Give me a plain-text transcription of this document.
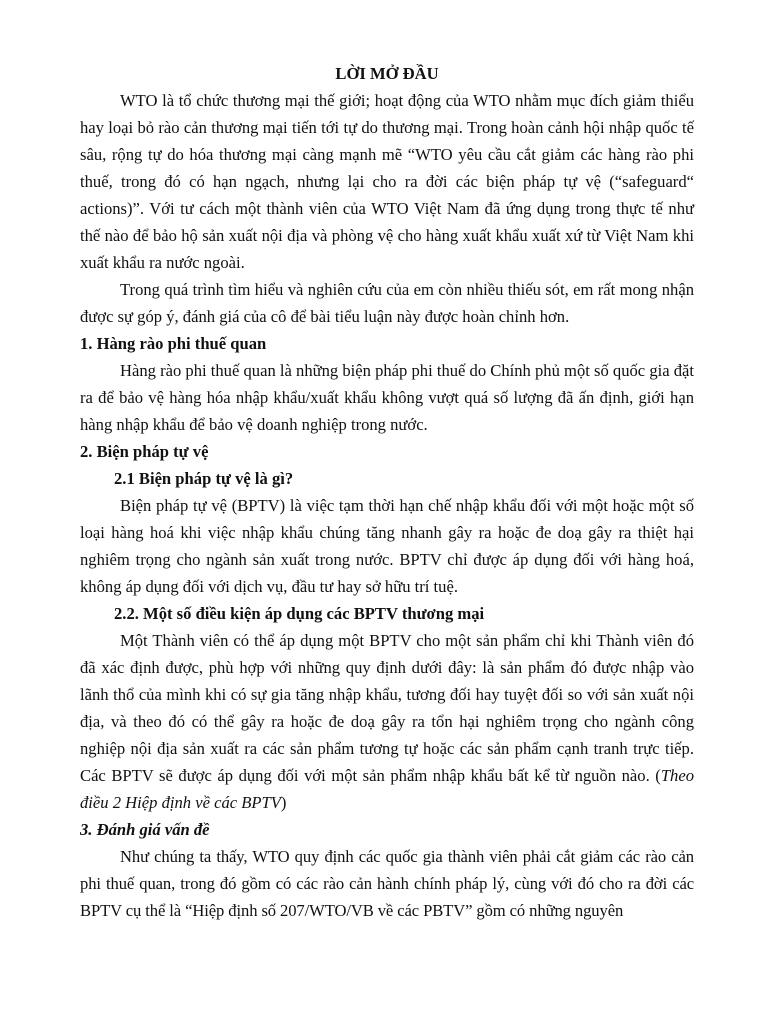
LỜI MỞ ĐẦU

WTO là tổ chức thương mại thế giới; hoạt động của WTO nhằm mục đích giảm thiểu hay loại bỏ rào cản thương mại tiến tới tự do thương mại. Trong hoàn cảnh hội nhập quốc tế sâu, rộng tự do hóa thương mại càng mạnh mẽ “WTO yêu cầu cắt giảm các hàng rào phi thuế, trong đó có hạn ngạch, nhưng lại cho ra đời các biện pháp tự vệ (“safeguard“ actions)”. Với tư cách một thành viên của WTO Việt Nam đã ứng dụng trong thực tế như thế nào để bảo hộ sản xuất nội địa và phòng vệ cho hàng xuất khẩu xuất xứ từ Việt Nam khi xuất khẩu ra nước ngoài.

Trong quá trình tìm hiểu và nghiên cứu của em còn nhiều thiếu sót, em rất mong nhận được sự góp ý, đánh giá của cô để bài tiểu luận này được hoàn chỉnh hơn.

1. Hàng rào phi thuế quan

Hàng rào phi thuế quan là những biện pháp phi thuế do Chính phủ một số quốc gia đặt ra để bảo vệ hàng hóa nhập khẩu/xuất khẩu không vượt quá số lượng đã ấn định, giới hạn hàng nhập khẩu để bảo vệ doanh nghiệp trong nước.

2. Biện pháp tự vệ

2.1 Biện pháp tự vệ là gì?

Biện pháp tự vệ (BPTV) là việc tạm thời hạn chế nhập khẩu đối với một hoặc một số loại hàng hoá khi việc nhập khẩu chúng tăng nhanh gây ra hoặc đe doạ gây ra thiệt hại nghiêm trọng cho ngành sản xuất trong nước. BPTV chỉ được áp dụng đối với hàng hoá, không áp dụng đối với dịch vụ, đầu tư hay sở hữu trí tuệ.

2.2. Một số điều kiện áp dụng các BPTV thương mại

Một Thành viên có thể áp dụng một BPTV cho một sản phẩm chỉ khi Thành viên đó đã xác định được, phù hợp với những quy định dưới đây: là sản phẩm đó được nhập vào lãnh thổ của mình khi có sự gia tăng nhập khẩu, tương đối hay tuyệt đối so với sản xuất nội địa, và theo đó có thể gây ra hoặc đe doạ gây ra tổn hại nghiêm trọng cho ngành công nghiệp nội địa sản xuất ra các sản phẩm tương tự hoặc các sản phẩm cạnh tranh trực tiếp. Các BPTV sẽ được áp dụng đối với một sản phẩm nhập khẩu bất kể từ nguồn nào. (Theo điều 2 Hiệp định về các BPTV)

3. Đánh giá vấn đề

Như chúng ta thấy, WTO quy định các quốc gia thành viên phải cắt giảm các rào cản phi thuế quan, trong đó gồm có các rào cản hành chính pháp lý, cùng với đó cho ra đời các BPTV cụ thể là “Hiệp định số 207/WTO/VB về các PBTV” gồm có những nguyên
